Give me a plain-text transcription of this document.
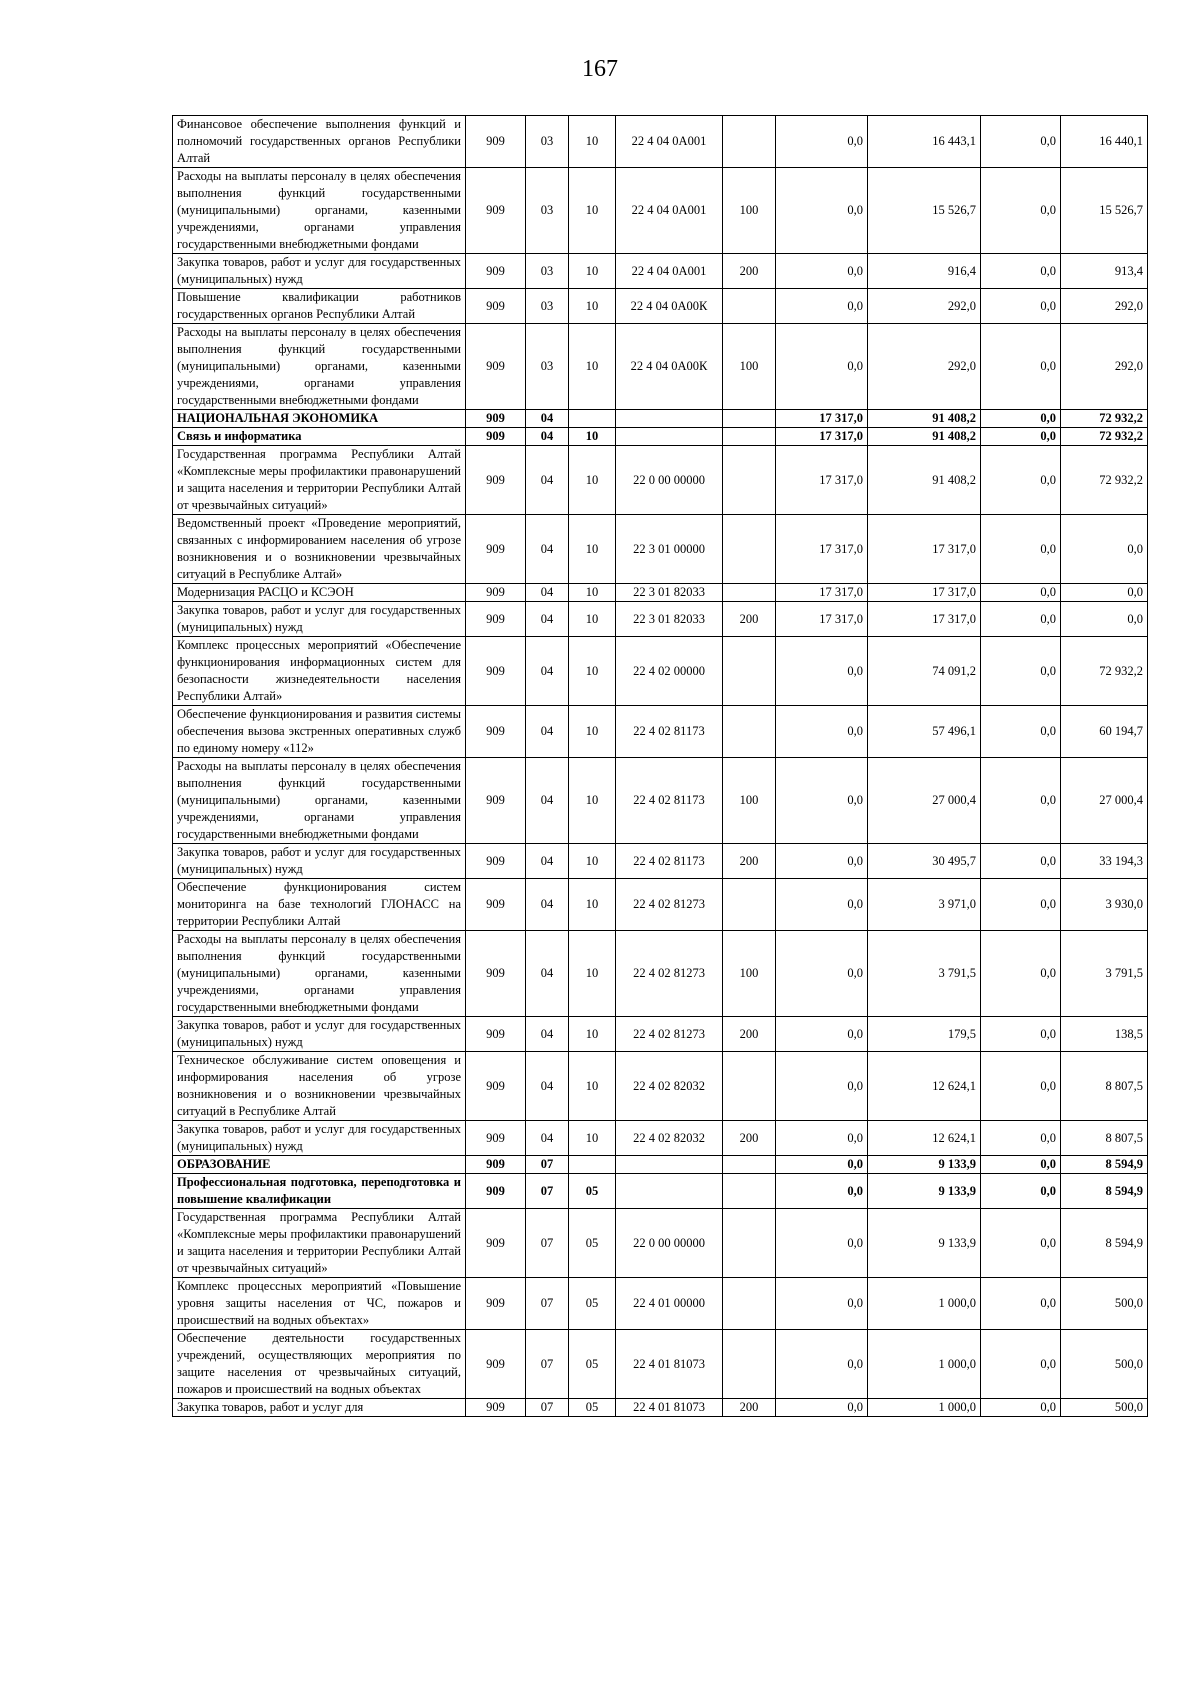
167
Финансовое обеспечение выполнения функций и полномочий государственных органов Республики Алтай	909	03	10	22 4 04 0А001		0,0	16 443,1	0,0	16 440,1
Расходы на выплаты персоналу в целях обеспечения выполнения функций государственными (муниципальными) органами, казенными учреждениями, органами управления государственными внебюджетными фондами	909	03	10	22 4 04 0А001	100	0,0	15 526,7	0,0	15 526,7
Закупка товаров, работ и услуг для государственных (муниципальных) нужд	909	03	10	22 4 04 0А001	200	0,0	916,4	0,0	913,4
Повышение квалификации работников государственных органов Республики Алтай	909	03	10	22 4 04 0А00К		0,0	292,0	0,0	292,0
Расходы на выплаты персоналу в целях обеспечения выполнения функций государственными (муниципальными) органами, казенными учреждениями, органами управления государственными внебюджетными фондами	909	03	10	22 4 04 0А00К	100	0,0	292,0	0,0	292,0
НАЦИОНАЛЬНАЯ ЭКОНОМИКА	909	04				17 317,0	91 408,2	0,0	72 932,2
Связь и информатика	909	04	10			17 317,0	91 408,2	0,0	72 932,2
Государственная программа Республики Алтай «Комплексные меры профилактики правонарушений и защита населения и территории Республики Алтай от чрезвычайных ситуаций»	909	04	10	22 0 00 00000		17 317,0	91 408,2	0,0	72 932,2
Ведомственный проект «Проведение мероприятий, связанных с информированием населения об угрозе возникновения и о возникновении чрезвычайных ситуаций в Республике Алтай»	909	04	10	22 3 01 00000		17 317,0	17 317,0	0,0	0,0
Модернизация РАСЦО и КСЭОН	909	04	10	22 3 01 82033		17 317,0	17 317,0	0,0	0,0
Закупка товаров, работ и услуг для государственных (муниципальных) нужд	909	04	10	22 3 01 82033	200	17 317,0	17 317,0	0,0	0,0
Комплекс процессных мероприятий «Обеспечение функционирования информационных систем для безопасности жизнедеятельности населения Республики Алтай»	909	04	10	22 4 02 00000		0,0	74 091,2	0,0	72 932,2
Обеспечение функционирования и развития системы обеспечения вызова экстренных оперативных служб по единому номеру «112»	909	04	10	22 4 02 81173		0,0	57 496,1	0,0	60 194,7
Расходы на выплаты персоналу в целях обеспечения выполнения функций государственными (муниципальными) органами, казенными учреждениями, органами управления государственными внебюджетными фондами	909	04	10	22 4 02 81173	100	0,0	27 000,4	0,0	27 000,4
Закупка товаров, работ и услуг для государственных (муниципальных) нужд	909	04	10	22 4 02 81173	200	0,0	30 495,7	0,0	33 194,3
Обеспечение функционирования систем мониторинга на базе технологий ГЛОНАСС на территории Республики Алтай	909	04	10	22 4 02 81273		0,0	3 971,0	0,0	3 930,0
Расходы на выплаты персоналу в целях обеспечения выполнения функций государственными (муниципальными) органами, казенными учреждениями, органами управления государственными внебюджетными фондами	909	04	10	22 4 02 81273	100	0,0	3 791,5	0,0	3 791,5
Закупка товаров, работ и услуг для государственных (муниципальных) нужд	909	04	10	22 4 02 81273	200	0,0	179,5	0,0	138,5
Техническое обслуживание систем оповещения и информирования населения об угрозе возникновения и о возникновении чрезвычайных ситуаций в Республике Алтай	909	04	10	22 4 02 82032		0,0	12 624,1	0,0	8 807,5
Закупка товаров, работ и услуг для государственных (муниципальных) нужд	909	04	10	22 4 02 82032	200	0,0	12 624,1	0,0	8 807,5
ОБРАЗОВАНИЕ	909	07				0,0	9 133,9	0,0	8 594,9
Профессиональная подготовка, переподготовка и повышение квалификации	909	07	05			0,0	9 133,9	0,0	8 594,9
Государственная программа Республики Алтай «Комплексные меры профилактики правонарушений и защита населения и территории Республики Алтай от чрезвычайных ситуаций»	909	07	05	22 0 00 00000		0,0	9 133,9	0,0	8 594,9
Комплекс процессных мероприятий «Повышение уровня защиты населения от ЧС, пожаров и происшествий на водных объектах»	909	07	05	22 4 01 00000		0,0	1 000,0	0,0	500,0
Обеспечение деятельности государственных учреждений, осуществляющих мероприятия по защите населения от чрезвычайных ситуаций, пожаров и происшествий на водных объектах	909	07	05	22 4 01 81073		0,0	1 000,0	0,0	500,0
Закупка товаров, работ и услуг для	909	07	05	22 4 01 81073	200	0,0	1 000,0	0,0	500,0
